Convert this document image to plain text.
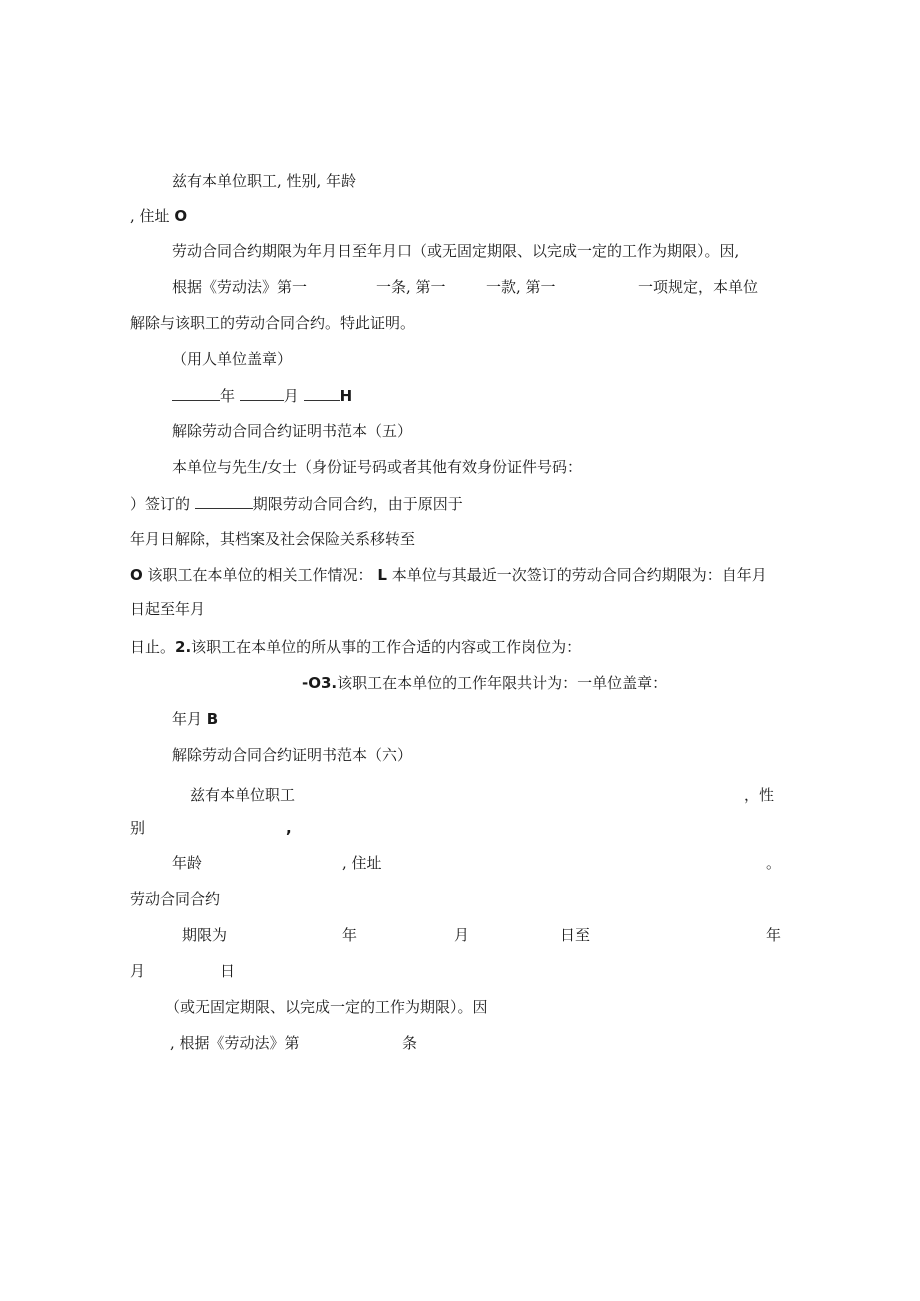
兹有本单位职工, 性别, 年龄
, 住址 O
劳动合同合约期限为年月日至年月口（或无固定期限、以完成一定的工作为期限）。因,
根据《劳动法》第一	一条, 第一	一款, 第一	一项规定，本单位
解除与该职工的劳动合同合约。特此证明。
（用人单位盖章）
年	月	H
解除劳动合同合约证明书范本（五）
本单位与先生/女士（身份证号码或者其他有效身份证件号码：
）签订的	期限劳动合同合约，由于原因于
年月日解除，其档案及社会保险关系移转至
O 该职工在本单位的相关工作情况： L 本单位与其最近一次签订的劳动合同合约期限为：自年月
日起至年月
日止。2.该职工在本单位的所从事的工作合适的内容或工作岗位为：
-O3.该职工在本单位的工作年限共计为：一单位盖章：
年月 B
解除劳动合同合约证明书范本（六）
兹有本单位职工	，性
别	,
年龄	, 住址	。
劳动合同合约
期限为	年	月	日至	年
月	日
（或无固定期限、以完成一定的工作为期限）。因
, 根据《劳动法》第	条
